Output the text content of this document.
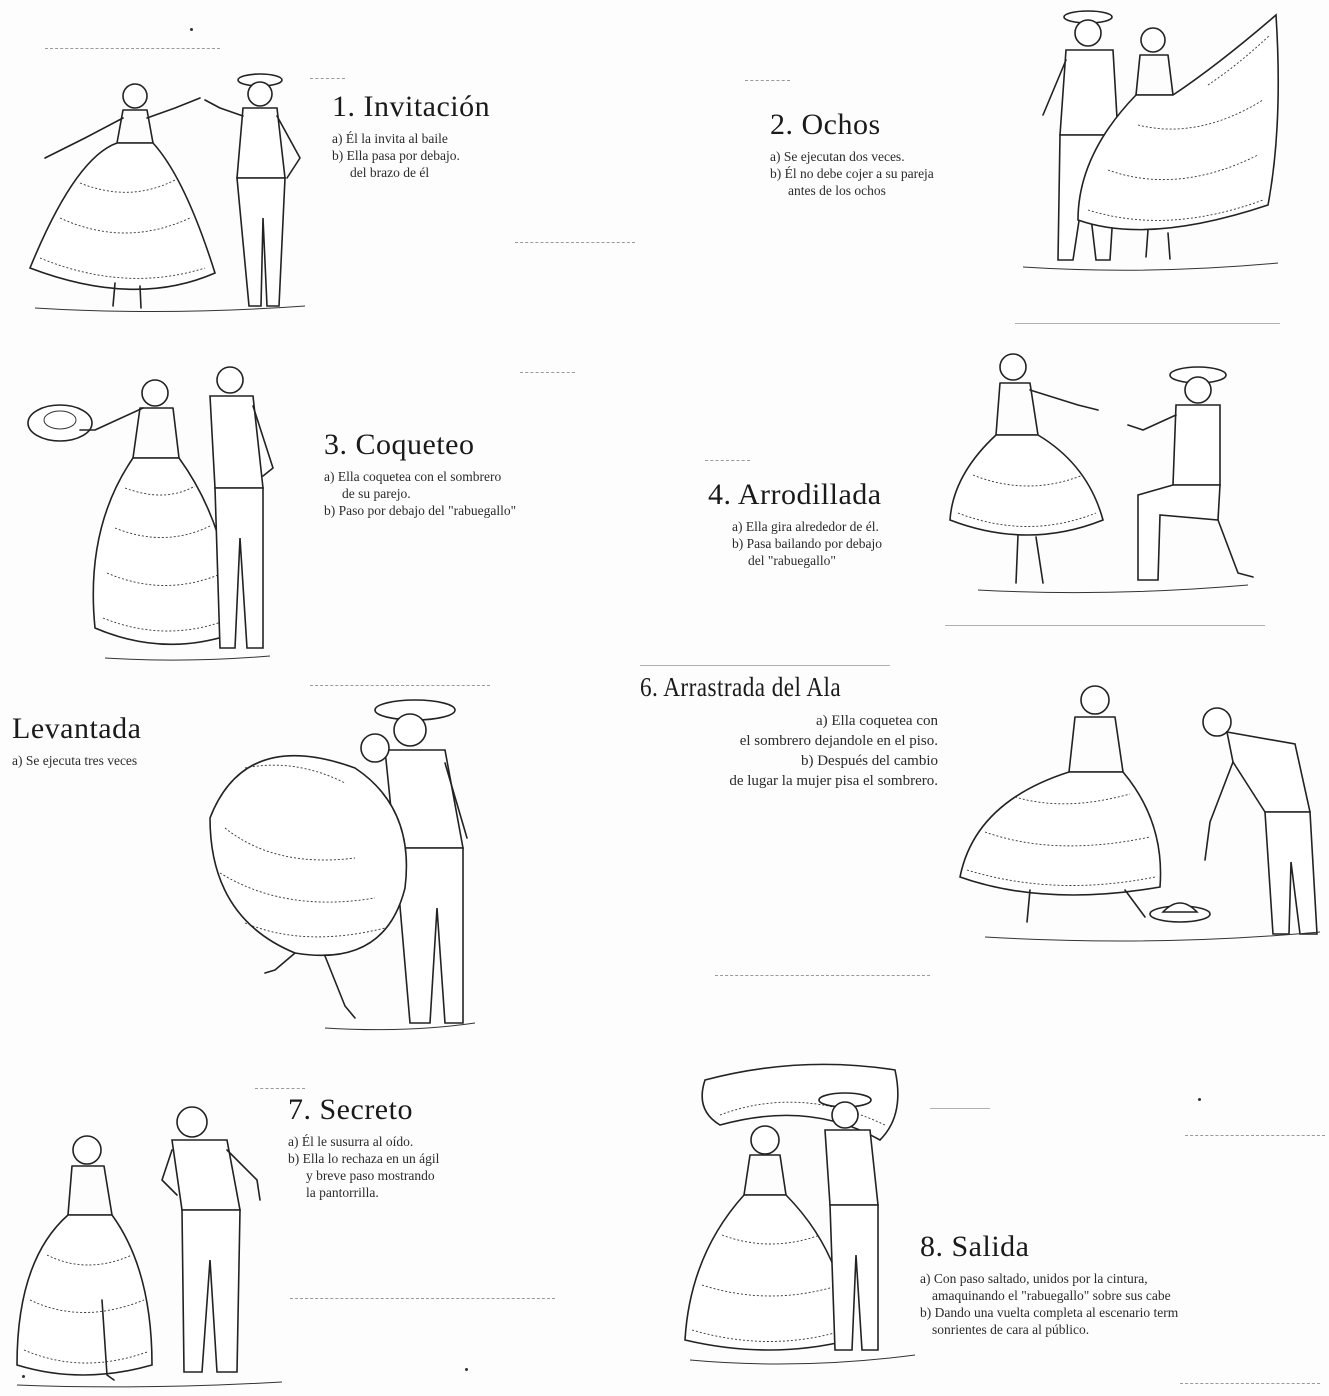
1. Invitación
a) Él la invita al baile
b) Ella pasa por debajo.
del brazo de él
2. Ochos
a) Se ejecutan dos veces.
b) Él no debe cojer a su pareja
antes de los ochos
3. Coqueteo
a) Ella coquetea con el sombrero
de su parejo.
b) Paso por debajo del "rabuegallo"	4. Arrodillada
a) Ella gira alrededor de él.
b) Pasa bailando por debajo
del "rabuegallo"
Levantada
a) Se ejecuta tres veces
6. Arrastrada del Ala
a) Ella coquetea con
el sombrero dejandole en el piso.
b) Después del cambio
de lugar la mujer pisa el sombrero.
7. Secreto
a) Él le susurra al oído.
b) Ella lo rechaza en un ágil
y breve paso mostrando
la pantorrilla.
8. Salida
a) Con paso saltado, unidos por la cintura,
amaquinando el "rabuegallo" sobre sus cabe
b) Dando una vuelta completa al escenario term
sonrientes de cara al público.
